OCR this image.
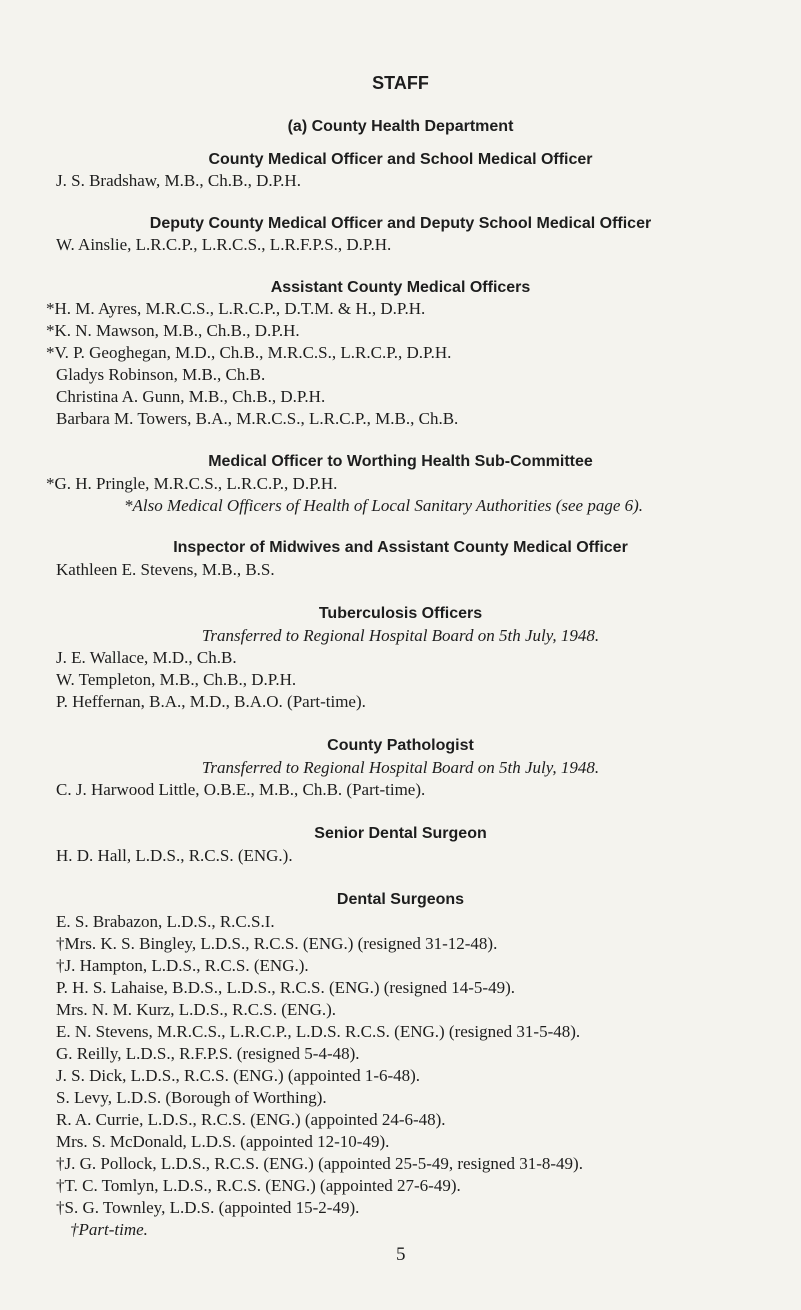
STAFF
(a) County Health Department
County Medical Officer and School Medical Officer
J. S. Bradshaw, M.B., Ch.B., D.P.H.
Deputy County Medical Officer and Deputy School Medical Officer
W. Ainslie, L.R.C.P., L.R.C.S., L.R.F.P.S., D.P.H.
Assistant County Medical Officers
*H. M. Ayres, M.R.C.S., L.R.C.P., D.T.M. & H., D.P.H.
*K. N. Mawson, M.B., Ch.B., D.P.H.
*V. P. Geoghegan, M.D., Ch.B., M.R.C.S., L.R.C.P., D.P.H.
Gladys Robinson, M.B., Ch.B.
Christina A. Gunn, M.B., Ch.B., D.P.H.
Barbara M. Towers, B.A., M.R.C.S., L.R.C.P., M.B., Ch.B.
Medical Officer to Worthing Health Sub-Committee
*G. H. Pringle, M.R.C.S., L.R.C.P., D.P.H.
*Also Medical Officers of Health of Local Sanitary Authorities (see page 6).
Inspector of Midwives and Assistant County Medical Officer
Kathleen E. Stevens, M.B., B.S.
Tuberculosis Officers
Transferred to Regional Hospital Board on 5th July, 1948.
J. E. Wallace, M.D., Ch.B.
W. Templeton, M.B., Ch.B., D.P.H.
P. Heffernan, B.A., M.D., B.A.O. (Part-time).
County Pathologist
Transferred to Regional Hospital Board on 5th July, 1948.
C. J. Harwood Little, O.B.E., M.B., Ch.B. (Part-time).
Senior Dental Surgeon
H. D. Hall, L.D.S., R.C.S. (ENG.).
Dental Surgeons
E. S. Brabazon, L.D.S., R.C.S.I.
†Mrs. K. S. Bingley, L.D.S., R.C.S. (ENG.) (resigned 31-12-48).
†J. Hampton, L.D.S., R.C.S. (ENG.).
P. H. S. Lahaise, B.D.S., L.D.S., R.C.S. (ENG.) (resigned 14-5-49).
Mrs. N. M. Kurz, L.D.S., R.C.S. (ENG.).
E. N. Stevens, M.R.C.S., L.R.C.P., L.D.S. R.C.S. (ENG.) (resigned 31-5-48).
G. Reilly, L.D.S., R.F.P.S. (resigned 5-4-48).
J. S. Dick, L.D.S., R.C.S. (ENG.) (appointed 1-6-48).
S. Levy, L.D.S. (Borough of Worthing).
R. A. Currie, L.D.S., R.C.S. (ENG.) (appointed 24-6-48).
Mrs. S. McDonald, L.D.S. (appointed 12-10-49).
†J. G. Pollock, L.D.S., R.C.S. (ENG.) (appointed 25-5-49, resigned 31-8-49).
†T. C. Tomlyn, L.D.S., R.C.S. (ENG.) (appointed 27-6-49).
†S. G. Townley, L.D.S. (appointed 15-2-49).
†Part-time.
5
